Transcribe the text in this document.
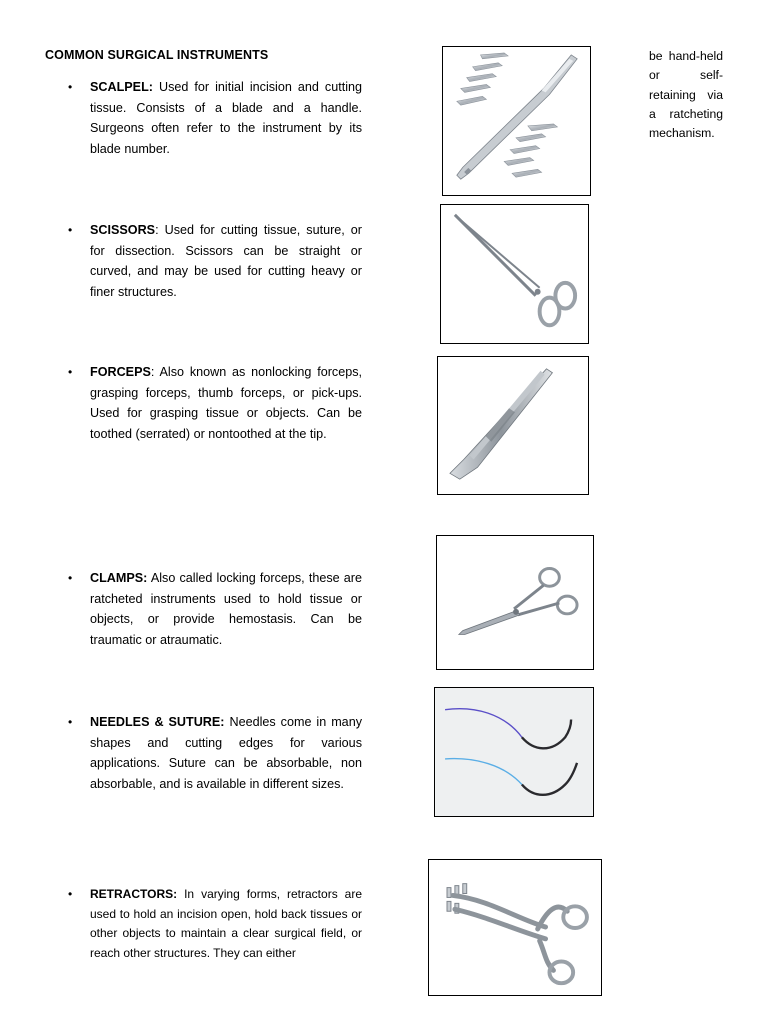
COMMON SURGICAL INSTRUMENTS
• SCALPEL: Used for initial incision and cutting tissue. Consists of a blade and a handle. Surgeons often refer to the instrument by its blade number.
• SCISSORS: Used for cutting tissue, suture, or for dissection. Scissors can be straight or curved, and may be used for cutting heavy or finer structures.
• FORCEPS: Also known as nonlocking forceps, grasping forceps, thumb forceps, or pick-ups. Used for grasping tissue or objects. Can be toothed (serrated) or nontoothed at the tip.
• CLAMPS: Also called locking forceps, these are ratcheted instruments used to hold tissue or objects, or provide hemostasis. Can be traumatic or atraumatic.
• NEEDLES & SUTURE: Needles come in many shapes and cutting edges for various applications. Suture can be absorbable, non absorbable, and is available in different sizes.
• RETRACTORS: In varying forms, retractors are used to hold an incision open, hold back tissues or other objects to maintain a clear surgical field, or reach other structures. They can either
be hand-held or self-retaining via a ratcheting mechanism.
